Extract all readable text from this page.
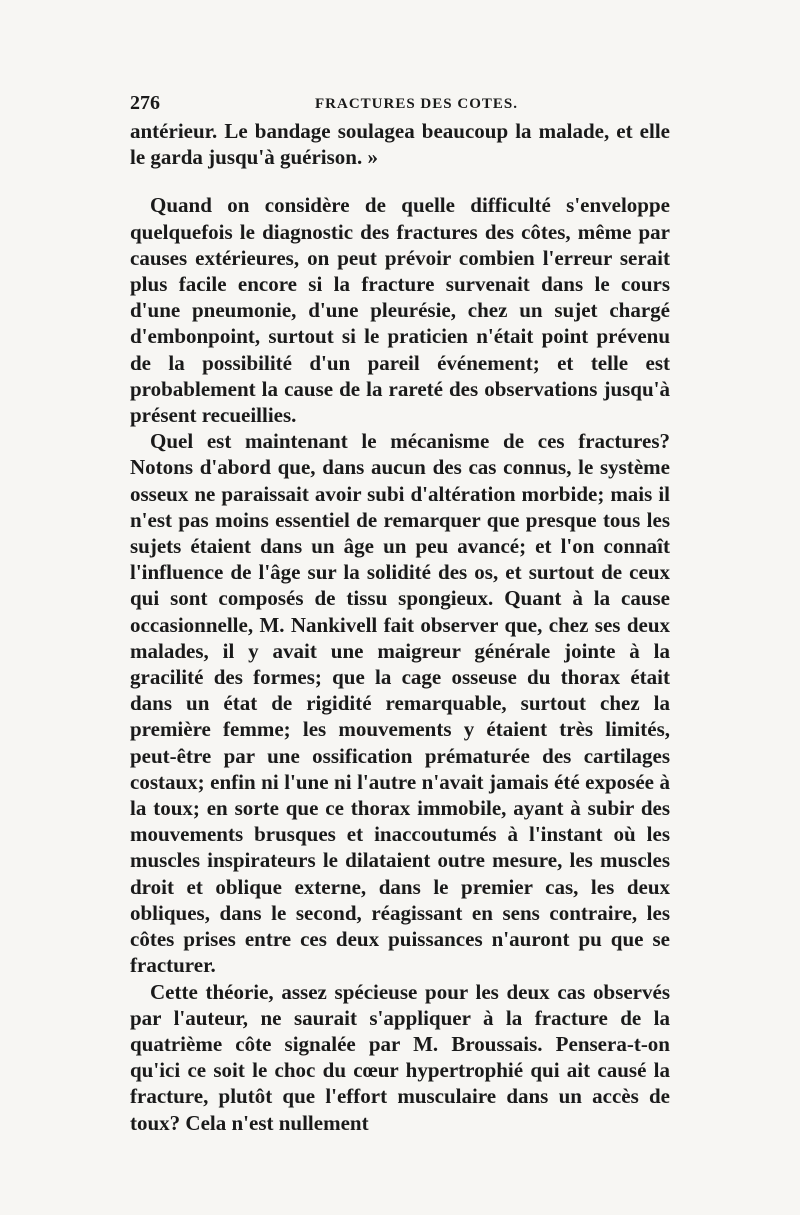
276	FRACTURES DES COTES.

antérieur. Le bandage soulagea beaucoup la malade, et elle le garda jusqu'à guérison. »

Quand on considère de quelle difficulté s'enveloppe quelquefois le diagnostic des fractures des côtes, même par causes extérieures, on peut prévoir combien l'erreur serait plus facile encore si la fracture survenait dans le cours d'une pneumonie, d'une pleurésie, chez un sujet chargé d'embonpoint, surtout si le praticien n'était point prévenu de la possibilité d'un pareil événement; et telle est probablement la cause de la rareté des observations jusqu'à présent recueillies.

Quel est maintenant le mécanisme de ces fractures? Notons d'abord que, dans aucun des cas connus, le système osseux ne paraissait avoir subi d'altération morbide; mais il n'est pas moins essentiel de remarquer que presque tous les sujets étaient dans un âge un peu avancé; et l'on connaît l'influence de l'âge sur la solidité des os, et surtout de ceux qui sont composés de tissu spongieux. Quant à la cause occasionnelle, M. Nankivell fait observer que, chez ses deux malades, il y avait une maigreur générale jointe à la gracilité des formes; que la cage osseuse du thorax était dans un état de rigidité remarquable, surtout chez la première femme; les mouvements y étaient très limités, peut-être par une ossification prématurée des cartilages costaux; enfin ni l'une ni l'autre n'avait jamais été exposée à la toux; en sorte que ce thorax immobile, ayant à subir des mouvements brusques et inaccoutumés à l'instant où les muscles inspirateurs le dilataient outre mesure, les muscles droit et oblique externe, dans le premier cas, les deux obliques, dans le second, réagissant en sens contraire, les côtes prises entre ces deux puissances n'auront pu que se fracturer.

Cette théorie, assez spécieuse pour les deux cas observés par l'auteur, ne saurait s'appliquer à la fracture de la quatrième côte signalée par M. Broussais. Pensera-t-on qu'ici ce soit le choc du cœur hypertrophié qui ait causé la fracture, plutôt que l'effort musculaire dans un accès de toux? Cela n'est nullement
